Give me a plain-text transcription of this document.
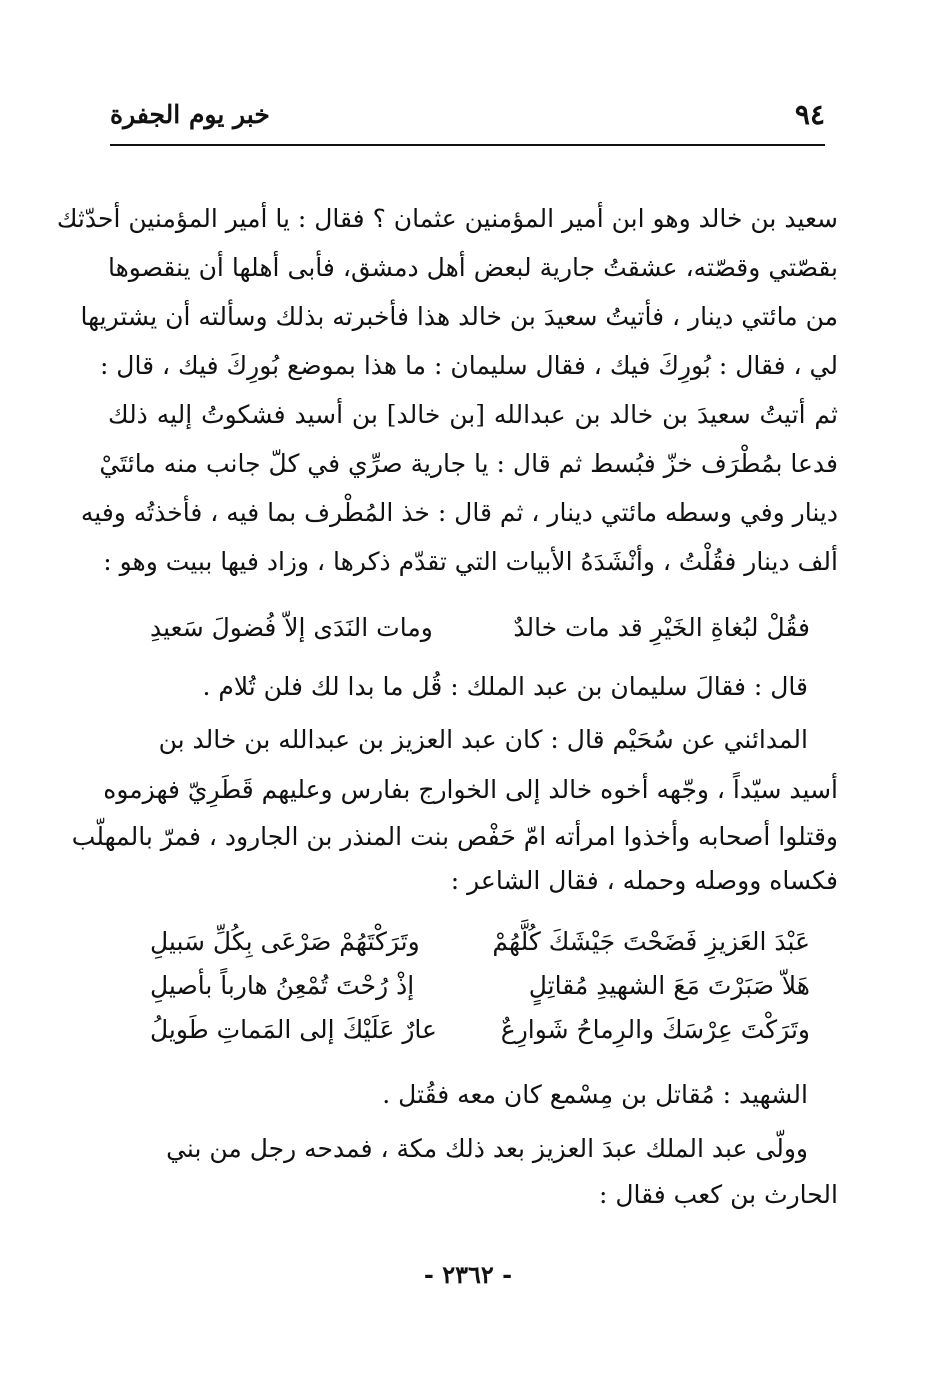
٩٤
خبر يوم الجفرة
سعيد بن خالد وهو ابن أمير المؤمنين عثمان ؟ فقال : يا أمير المؤمنين أحدّثك
بقصّتي وقصّته، عشقتُ جارية لبعض أهل دمشق، فأبى أهلها أن ينقصوها
من مائتي دينار ، فأتيتُ سعيدَ بن خالد هذا فأخبرته بذلك وسألته أن يشتريها
لي ، فقال : بُورِكَ فيك ، فقال سليمان : ما هذا بموضع بُورِكَ فيك ، قال :
ثم أتيتُ سعيدَ بن خالد بن عبدالله [بن خالد] بن أسيد فشكوتُ إليه ذلك
فدعا بمُطْرَف خزّ فبُسط ثم قال : يا جارية صرِّي في كلّ جانب منه مائتَيْ
دينار وفي وسطه مائتي دينار ، ثم قال : خذ المُطْرف بما فيه ، فأخذتُه وفيه
ألف دينار فقُلْتُ ، وأنْشَدَهُ الأبيات التي تقدّم ذكرها ، وزاد فيها ببيت وهو :
فقُلْ لبُغاةِ الخَيْرِ قد مات خالدٌ
ومات النَدَى إلاّ فُضولَ سَعيدِ
قال : فقالَ سليمان بن عبد الملك : قُل ما بدا لك فلن تُلام .
المدائني عن سُحَيْم قال : كان عبد العزيز بن عبدالله بن خالد بن
أسيد سيّداً ، وجّهه أخوه خالد إلى الخوارج بفارس وعليهم قَطَرِيّ فهزموه
وقتلوا أصحابه وأخذوا امرأته امّ حَفْص بنت المنذر بن الجارود ، فمرّ بالمهلّب
فكساه ووصله وحمله ، فقال الشاعر :
عَبْدَ العَزيزِ فَضَحْتَ جَيْشَكَ كُلَّهُمْ
وتَرَكْتَهُمْ صَرْعَى بِكُلِّ سَبيلِ
هَلاّ صَبَرْتَ مَعَ الشهيدِ مُقاتِلٍ
إذْ رُحْتَ تُمْعِنُ هارباً بأصيلِ
وتَرَكْتَ عِرْسَكَ والرِماحُ شَوارِعٌ
عارٌ عَلَيْكَ إلى المَماتِ طَويلُ
الشهيد : مُقاتل بن مِسْمع كان معه فقُتل .
وولّى عبد الملك عبدَ العزيز بعد ذلك مكة ، فمدحه رجل من بني
الحارث بن كعب فقال :
- ٢٣٦٢ -
